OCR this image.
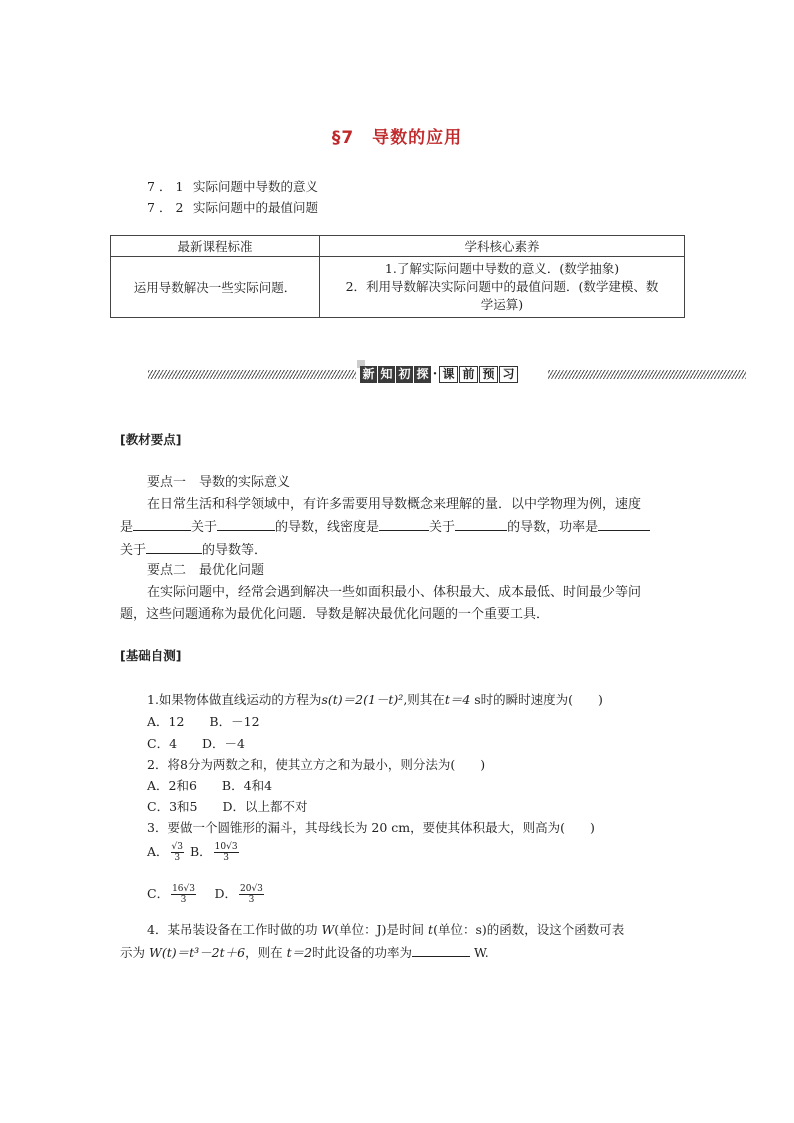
§7　导数的应用
7．1 实际问题中导数的意义
7．2 实际问题中的最值问题
最新课程标准	学科核心素养
运用导数解决一些实际问题．	1.了解实际问题中导数的意义．(数学抽象)
2．利用导数解决实际问题中的最值问题．(数学建模、数
学运算)
新 知 初 探 · 课 前 预 习
[教材要点]
要点一　导数的实际意义
在日常生活和科学领域中，有许多需要用导数概念来理解的量．以中学物理为例，速度
是	关于	的导数，线密度是	关于	的导数，功率是
关于	的导数等．
要点二　最优化问题
在实际问题中，经常会遇到解决一些如面积最小、体积最大、成本最低、时间最少等问
题，这些问题通称为最优化问题．导数是解决最优化问题的一个重要工具．
[基础自测]
1.如果物体做直线运动的方程为s(t)＝2(1－t)²,则其在t＝4 s时的瞬时速度为(　　)
A．12　　B．－12
C．4　　D．－4
2．将8分为两数之和，使其立方之和为最小，则分法为(　　)
A．2和6　　B．4和4
C．3和5　　D．以上都不对
3．要做一个圆锥形的漏斗，其母线长为 20 cm，要使其体积最大，则高为(　　)
A． $\frac{√3}{3}$ B． $\frac{10√3}{3}$
C． $\frac{16√3}{3}$ 　 D． $\frac{20√3}{3}$
4．某吊装设备在工作时做的功 W(单位：J)是时间 t(单位：s)的函数，设这个函数可表
示为 W(t)＝t³－2t＋6，则在 t＝2时此设备的功率为	W.
